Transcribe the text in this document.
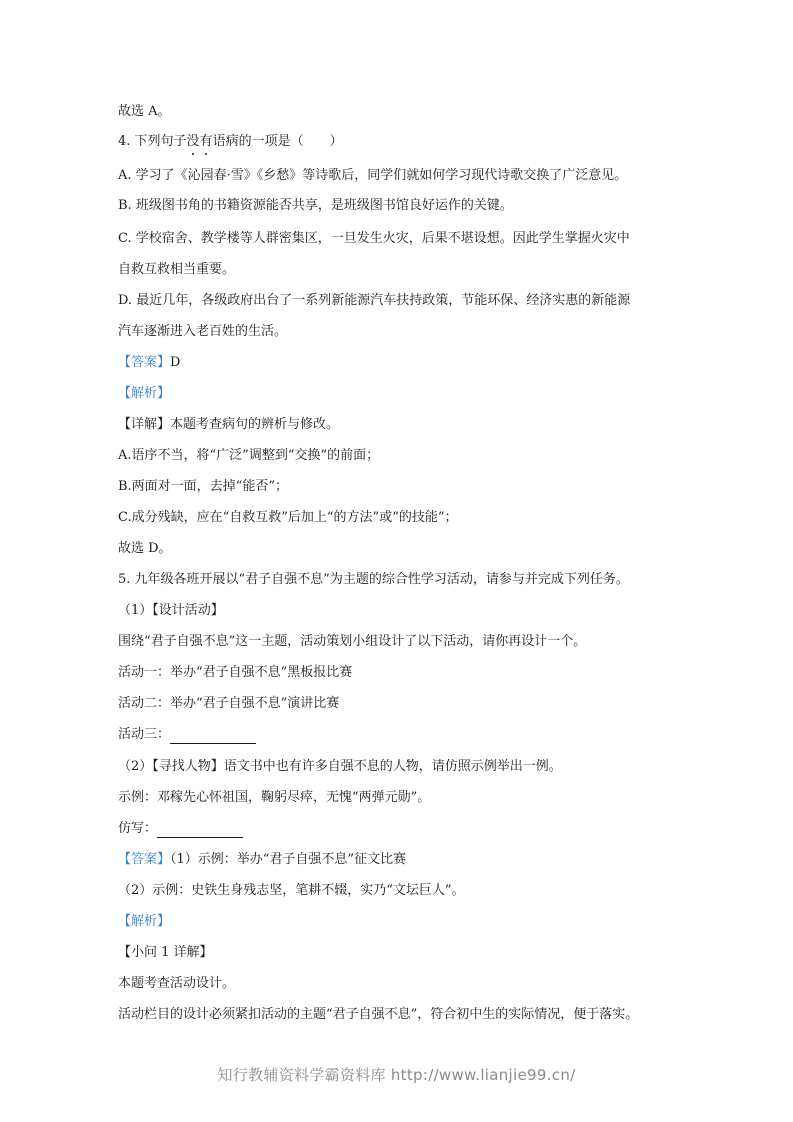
故选 A。
4. 下列句子没有语病的一项是（　　）
A. 学习了《沁园春·雪》《乡愁》等诗歌后，同学们就如何学习现代诗歌交换了广泛意见。
B. 班级图书角的书籍资源能否共享，是班级图书馆良好运作的关键。
C. 学校宿舍、教学楼等人群密集区，一旦发生火灾，后果不堪设想。因此学生掌握火灾中
自救互救相当重要。
D. 最近几年，各级政府出台了一系列新能源汽车扶持政策，节能环保、经济实惠的新能源
汽车逐渐进入老百姓的生活。
【答案】D
【解析】
【详解】本题考查病句的辨析与修改。
A.语序不当，将“广泛”调整到“交换”的前面；
B.两面对一面，去掉“能否”；
C.成分残缺，应在“自救互救”后加上“的方法”或“的技能”；
故选 D。
5. 九年级各班开展以“君子自强不息”为主题的综合性学习活动，请参与并完成下列任务。
（1）【设计活动】
围绕“君子自强不息”这一主题，活动策划小组设计了以下活动，请你再设计一个。
活动一：举办“君子自强不息”黑板报比赛
活动二：举办“君子自强不息”演讲比赛
活动三：
（2）【寻找人物】语文书中也有许多自强不息的人物，请仿照示例举出一例。
示例：邓稼先心怀祖国，鞠躬尽瘁，无愧“两弹元勋”。
仿写：
【答案】（1）示例：举办“君子自强不息”征文比赛
（2）示例：史铁生身残志坚，笔耕不辍，实乃“文坛巨人”。
【解析】
【小问 1 详解】
本题考查活动设计。
活动栏目的设计必须紧扣活动的主题“君子自强不息”，符合初中生的实际情况，便于落实。
知行教辅资料学霸资料库 http://www.lianjie99.cn/
